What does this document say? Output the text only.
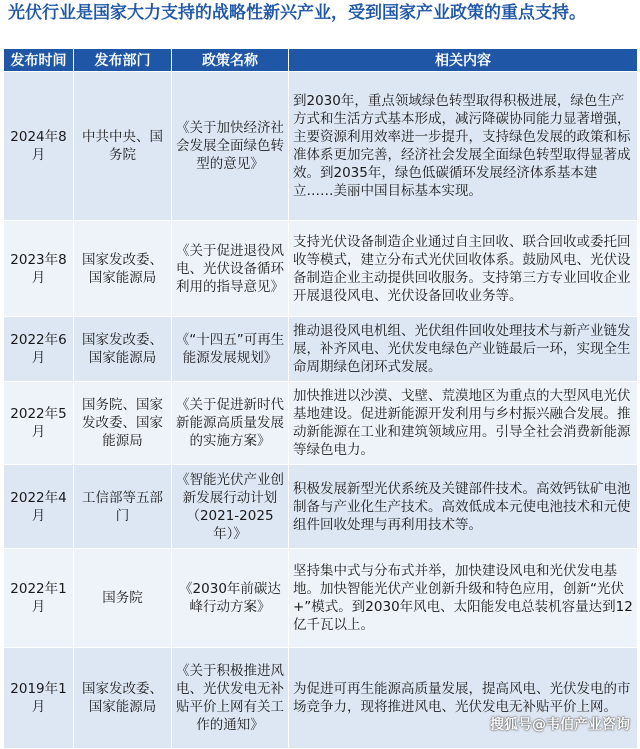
光伏行业是国家大力支持的战略性新兴产业，受到国家产业政策的重点支持。
发布时间	发布部门	政策名称	相关内容
2024年8月	中共中央、国务院	《关于加快经济社会发展全面绿色转型的意见》	到2030年，重点领域绿色转型取得积极进展，绿色生产方式和生活方式基本形成，减污降碳协同能力显著增强，主要资源利用效率进一步提升，支持绿色发展的政策和标准体系更加完善，经济社会发展全面绿色转型取得显著成效。到2035年，绿色低碳循环发展经济体系基本建立……美丽中国目标基本实现。
2023年8月	国家发改委、国家能源局	《关于促进退役风电、光伏设备循环利用的指导意见》	支持光伏设备制造企业通过自主回收、联合回收或委托回收等模式，建立分布式光伏回收体系。鼓励风电、光伏设备制造企业主动提供回收服务。支持第三方专业回收企业开展退役风电、光伏设备回收业务等。
2022年6月	国家发改委、国家能源局	《“十四五”可再生能源发展规划》	推动退役风电机组、光伏组件回收处理技术与新产业链发展，补齐风电、光伏发电绿色产业链最后一环，实现全生命周期绿色闭环式发展。
2022年5月	国务院、国家发改委、国家能源局	《关于促进新时代新能源高质量发展的实施方案》	加快推进以沙漠、戈壁、荒漠地区为重点的大型风电光伏基地建设。促进新能源开发利用与乡村振兴融合发展。推动新能源在工业和建筑领域应用。引导全社会消费新能源等绿色电力。
2022年4月	工信部等五部门	《智能光伏产业创新发展行动计划（2021-2025年）》	积极发展新型光伏系统及关键部件技术。高效钙钛矿电池制备与产业化生产技术。高效低成本元使电池技术和元使组件回收处理与再利用技术等。
2022年1月	国务院	《2030年前碳达峰行动方案》	坚持集中式与分布式并举，加快建设风电和光伏发电基地。加快智能光伏产业创新升级和特色应用，创新“光伏+”模式。到2030年风电、太阳能发电总装机容量达到12亿千瓦以上。
2019年1月	国家发改委、国家能源局	《关于积极推进风电、光伏发电无补贴平价上网有关工作的通知》	为促进可再生能源高质量发展，提高风电、光伏发电的市场竞争力，现将推进风电、光伏发电无补贴平价上网。
搜狐号@韦伯产业咨询
